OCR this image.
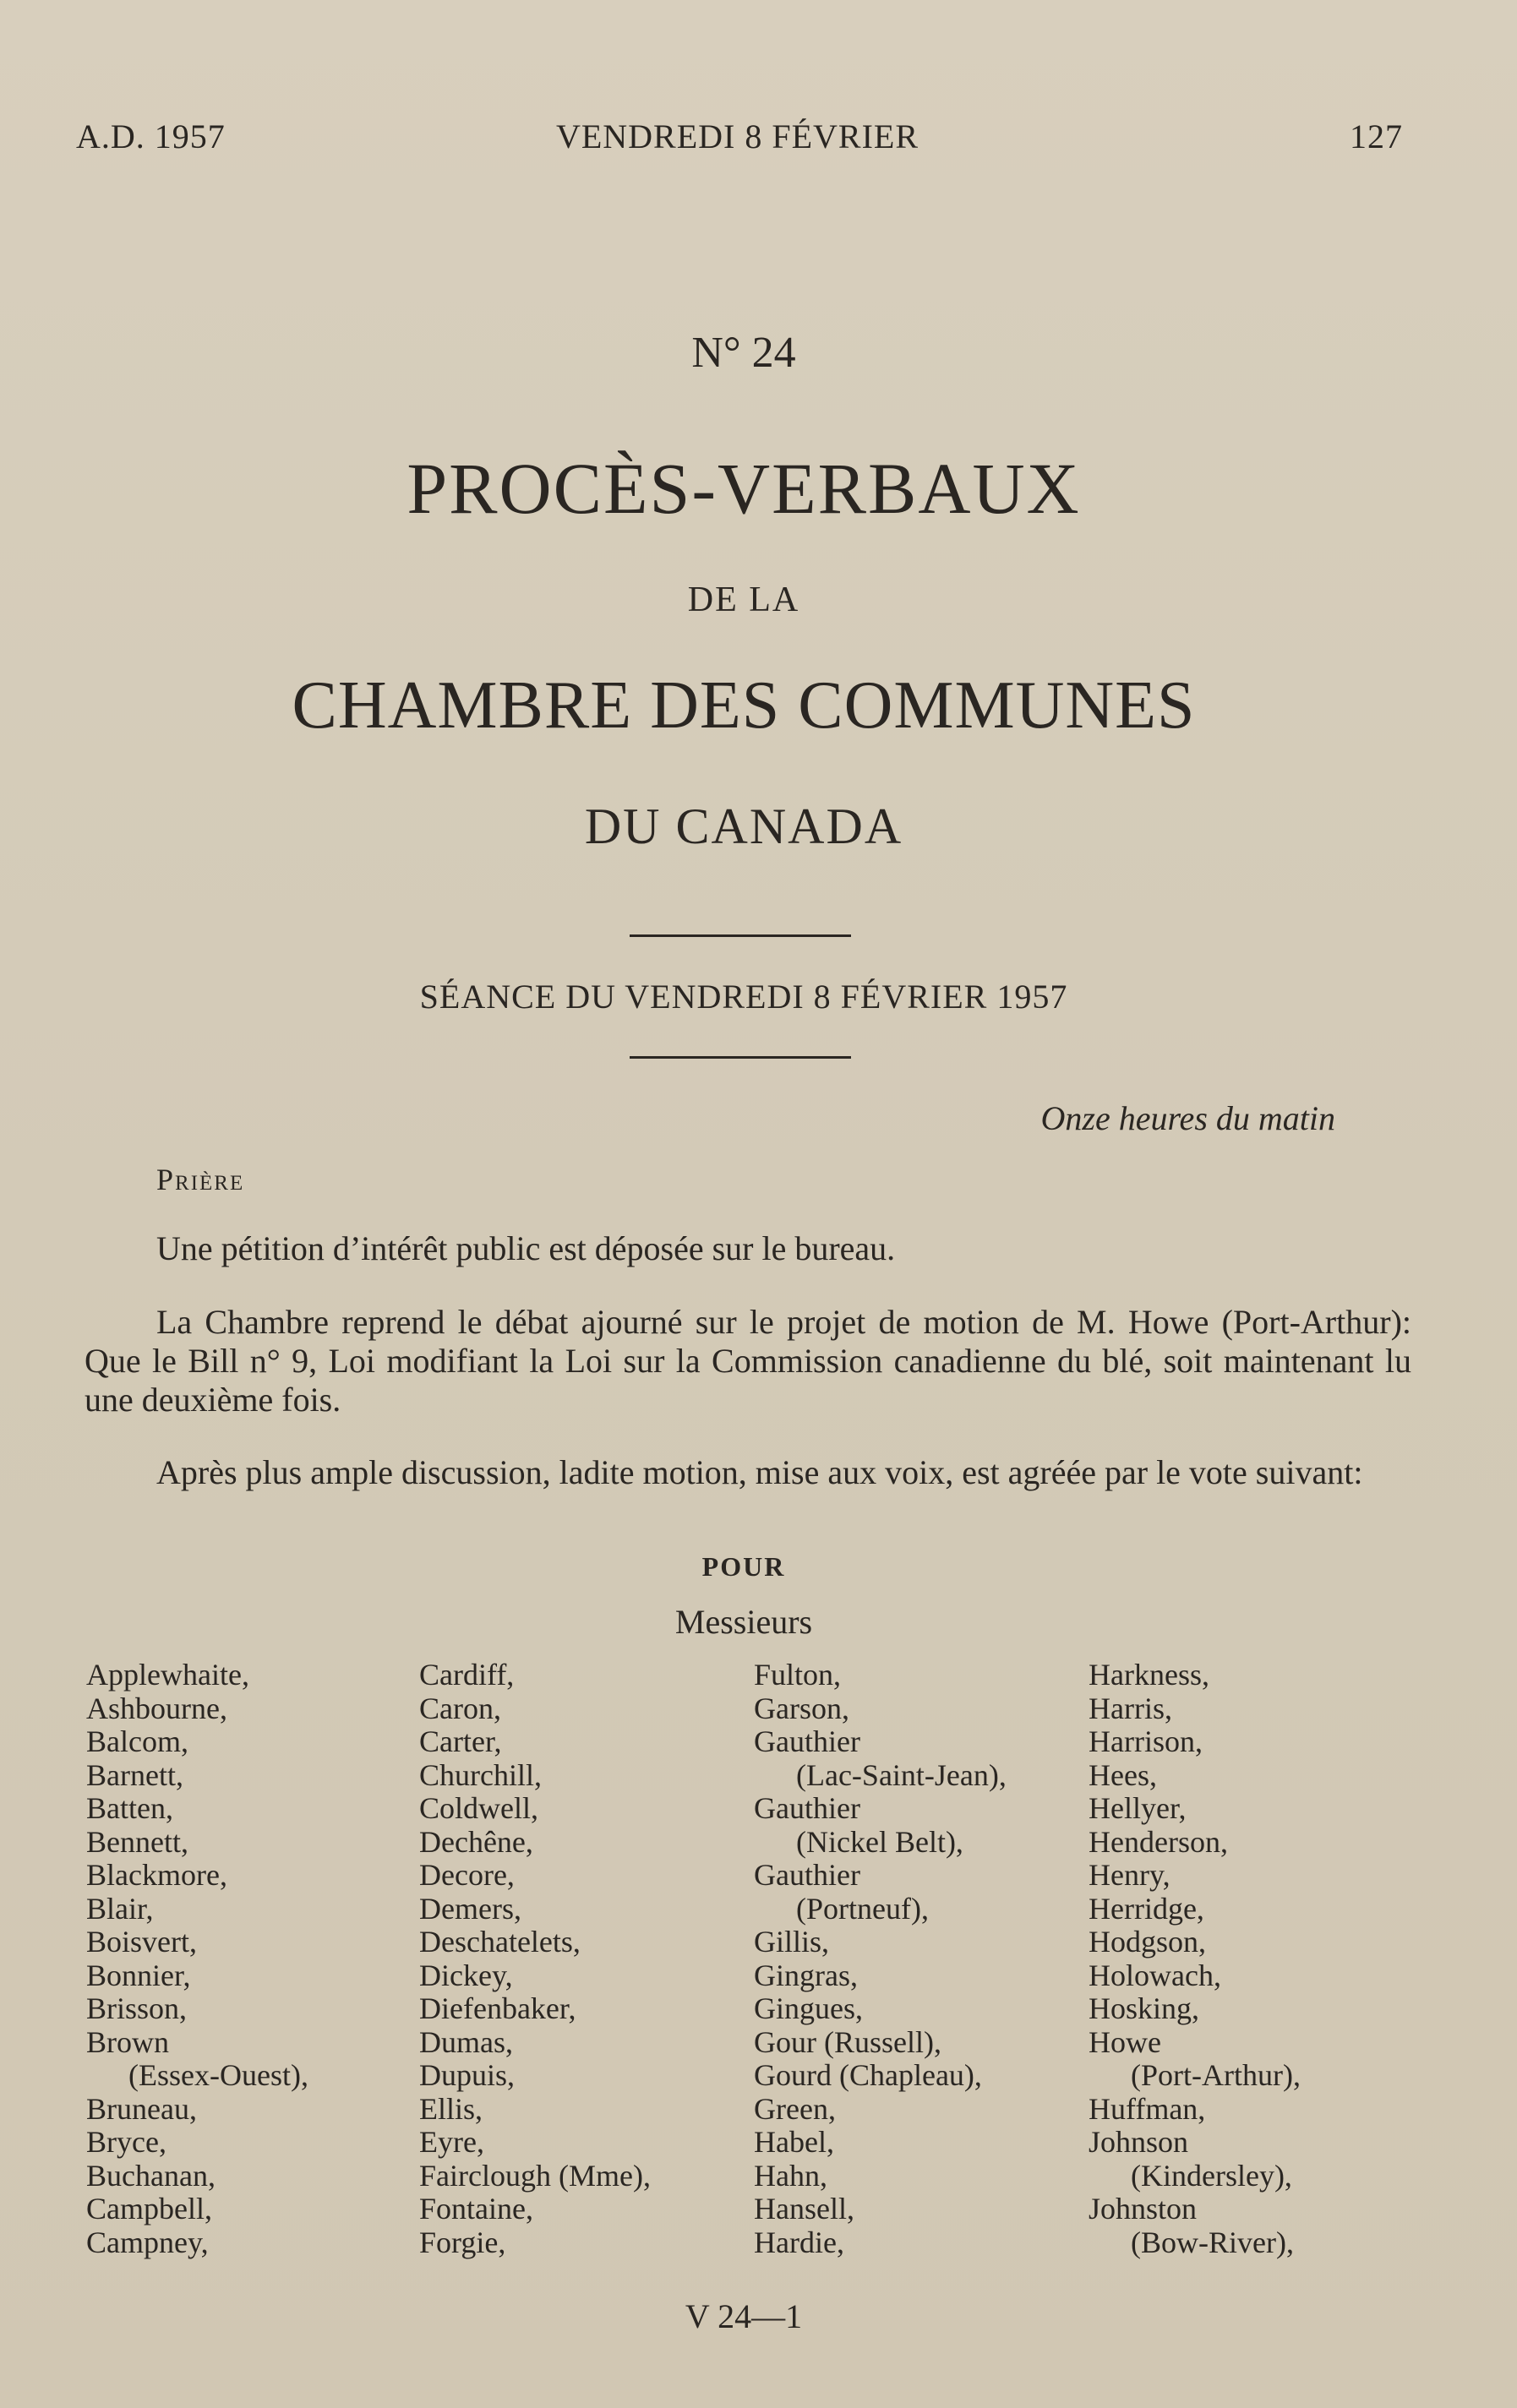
A.D. 1957	VENDREDI 8 FÉVRIER	127
N° 24
PROCÈS-VERBAUX
DE LA
CHAMBRE DES COMMUNES
DU CANADA
SÉANCE DU VENDREDI 8 FÉVRIER 1957
Onze heures du matin
Prière
Une pétition d’intérêt public est déposée sur le bureau.
La Chambre reprend le débat ajourné sur le projet de motion de M. Howe (Port-Arthur): Que le Bill n° 9, Loi modifiant la Loi sur la Commission canadienne du blé, soit maintenant lu une deuxième fois.
Après plus ample discussion, ladite motion, mise aux voix, est agréée par le vote suivant:
POUR
Messieurs
Applewhaite,
Ashbourne,
Balcom,
Barnett,
Batten,
Bennett,
Blackmore,
Blair,
Boisvert,
Bonnier,
Brisson,
Brown
(Essex-Ouest),
Bruneau,
Bryce,
Buchanan,
Campbell,
Campney,
Cardiff,
Caron,
Carter,
Churchill,
Coldwell,
Dechêne,
Decore,
Demers,
Deschatelets,
Dickey,
Diefenbaker,
Dumas,
Dupuis,
Ellis,
Eyre,
Fairclough (Mme),
Fontaine,
Forgie,
Fulton,
Garson,
Gauthier
(Lac-Saint-Jean),
Gauthier
(Nickel Belt),
Gauthier
(Portneuf),
Gillis,
Gingras,
Gingues,
Gour (Russell),
Gourd (Chapleau),
Green,
Habel,
Hahn,
Hansell,
Hardie,
Harkness,
Harris,
Harrison,
Hees,
Hellyer,
Henderson,
Henry,
Herridge,
Hodgson,
Holowach,
Hosking,
Howe
(Port-Arthur),
Huffman,
Johnson
(Kindersley),
Johnston
(Bow-River),
V 24—1
